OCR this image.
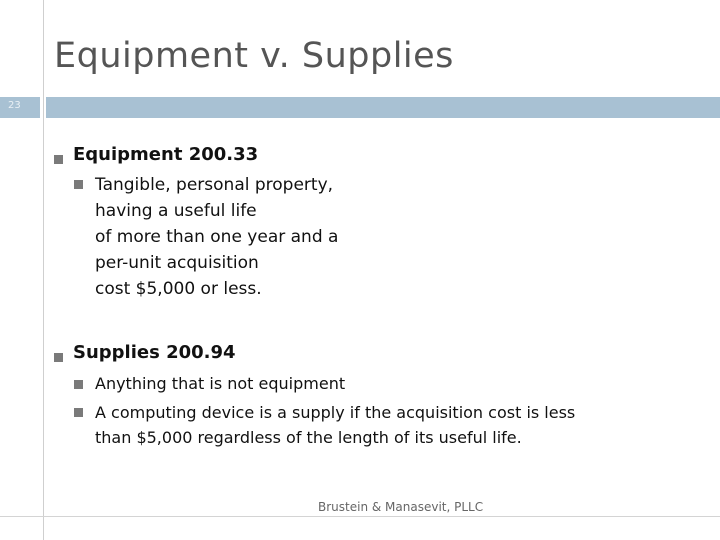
Equipment v. Supplies
23
Equipment 200.33
Tangible, personal property,
having a useful life
of more than one year and a
per-unit acquisition
cost $5,000 or less.
Supplies 200.94
Anything that is not equipment
A computing device is a supply if the acquisition cost is less
than $5,000 regardless of the length of its useful life.
Brustein & Manasevit, PLLC
